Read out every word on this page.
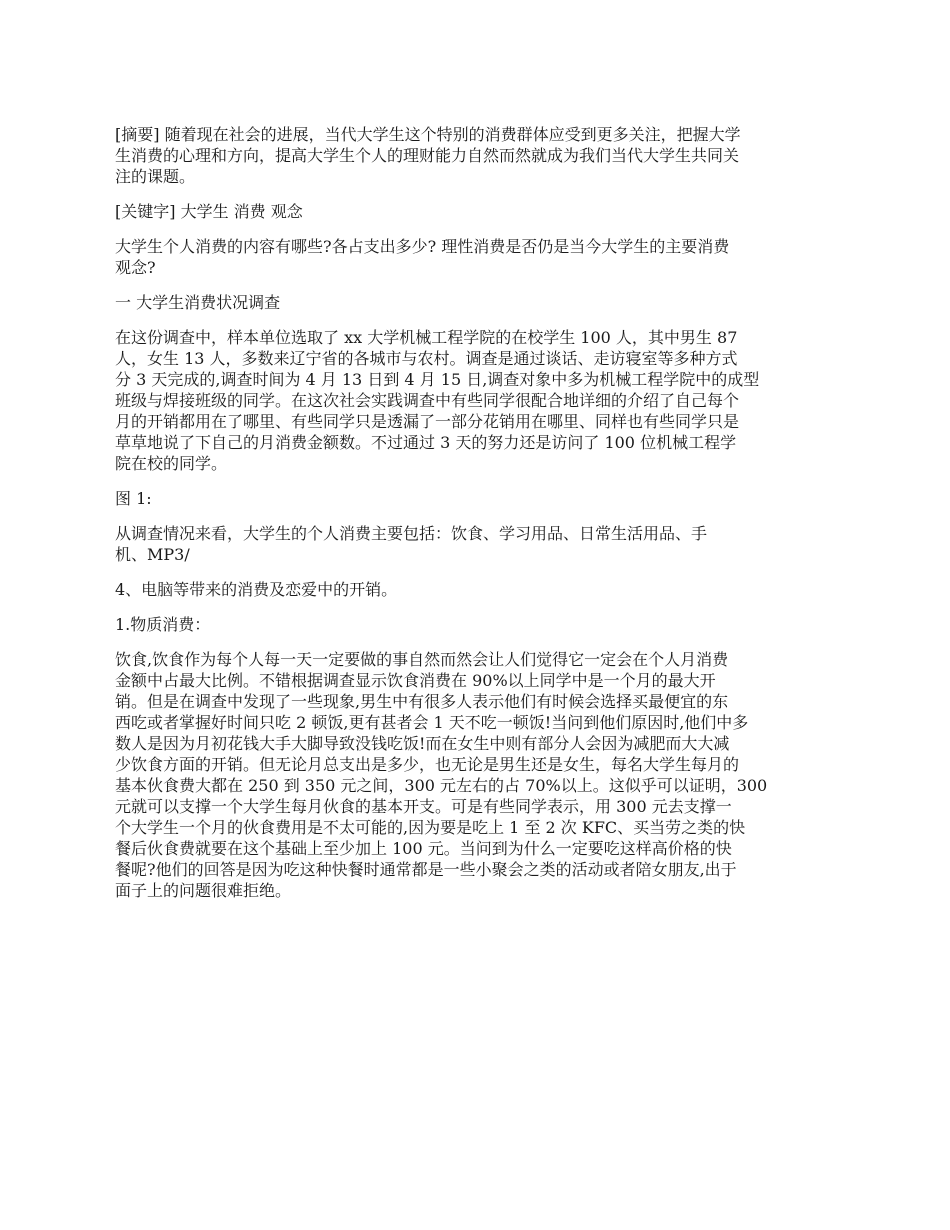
[摘要] 随着现在社会的进展，当代大学生这个特别的消费群体应受到更多关注，把握大学
生消费的心理和方向，提高大学生个人的理财能力自然而然就成为我们当代大学生共同关
注的课题。

[关键字] 大学生 消费 观念

大学生个人消费的内容有哪些?各占支出多少? 理性消费是否仍是当今大学生的主要消费
观念?

一 大学生消费状况调查

在这份调查中，样本单位选取了 xx 大学机械工程学院的在校学生 100 人，其中男生 87
人，女生 13 人，多数来辽宁省的各城市与农村。调查是通过谈话、走访寝室等多种方式
分 3 天完成的,调查时间为 4 月 13 日到 4 月 15 日,调查对象中多为机械工程学院中的成型
班级与焊接班级的同学。在这次社会实践调查中有些同学很配合地详细的介绍了自己每个
月的开销都用在了哪里、有些同学只是透漏了一部分花销用在哪里、同样也有些同学只是
草草地说了下自己的月消费金额数。不过通过 3 天的努力还是访问了 100 位机械工程学
院在校的同学。

图 1:

从调查情况来看，大学生的个人消费主要包括：饮食、学习用品、日常生活用品、手
机、MP3/

4、电脑等带来的消费及恋爱中的开销。

1.物质消费：

饮食,饮食作为每个人每一天一定要做的事自然而然会让人们觉得它一定会在个人月消费
金额中占最大比例。不错根据调查显示饮食消费在 90%以上同学中是一个月的最大开
销。但是在调查中发现了一些现象,男生中有很多人表示他们有时候会选择买最便宜的东
西吃或者掌握好时间只吃 2 顿饭,更有甚者会 1 天不吃一顿饭!当问到他们原因时,他们中多
数人是因为月初花钱大手大脚导致没钱吃饭!而在女生中则有部分人会因为减肥而大大减
少饮食方面的开销。但无论月总支出是多少，也无论是男生还是女生，每名大学生每月的
基本伙食费大都在 250 到 350 元之间，300 元左右的占 70%以上。这似乎可以证明，300
元就可以支撑一个大学生每月伙食的基本开支。可是有些同学表示，用 300 元去支撑一
个大学生一个月的伙食费用是不太可能的,因为要是吃上 1 至 2 次 KFC、买当劳之类的快
餐后伙食费就要在这个基础上至少加上 100 元。当问到为什么一定要吃这样高价格的快
餐呢?他们的回答是因为吃这种快餐时通常都是一些小聚会之类的活动或者陪女朋友,出于
面子上的问题很难拒绝。
